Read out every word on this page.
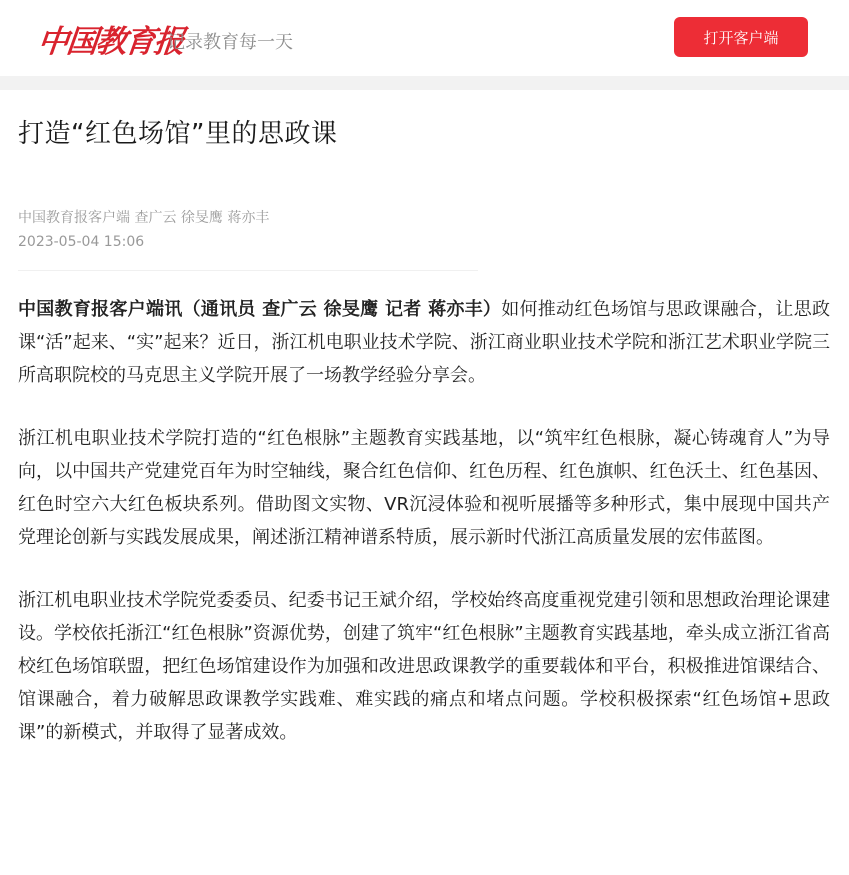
中国教育报
记录教育每一天	打开客户端
打造“红色场馆”里的思政课
中国教育报客户端 查广云 徐旻鹰 蒋亦丰
2023-05-04 15:06

中国教育报客户端讯（通讯员 查广云 徐旻鹰 记者 蒋亦丰）如何推动红色场馆与思政课融合，让思政课“活”起来、“实”起来？近日，浙江机电职业技术学院、浙江商业职业技术学院和浙江艺术职业学院三所高职院校的马克思主义学院开展了一场教学经验分享会。

浙江机电职业技术学院打造的“红色根脉”主题教育实践基地，以“筑牢红色根脉，凝心铸魂育人”为导向，以中国共产党建党百年为时空轴线，聚合红色信仰、红色历程、红色旗帜、红色沃土、红色基因、红色时空六大红色板块系列。借助图文实物、VR沉浸体验和视听展播等多种形式，集中展现中国共产党理论创新与实践发展成果，阐述浙江精神谱系特质，展示新时代浙江高质量发展的宏伟蓝图。

浙江机电职业技术学院党委委员、纪委书记王斌介绍，学校始终高度重视党建引领和思想政治理论课建设。学校依托浙江“红色根脉”资源优势，创建了筑牢“红色根脉”主题教育实践基地，牵头成立浙江省高校红色场馆联盟，把红色场馆建设作为加强和改进思政课教学的重要载体和平台，积极推进馆课结合、馆课融合，着力破解思政课教学实践难、难实践的痛点和堵点问题。学校积极探索“红色场馆+思政课”的新模式，并取得了显著成效。
